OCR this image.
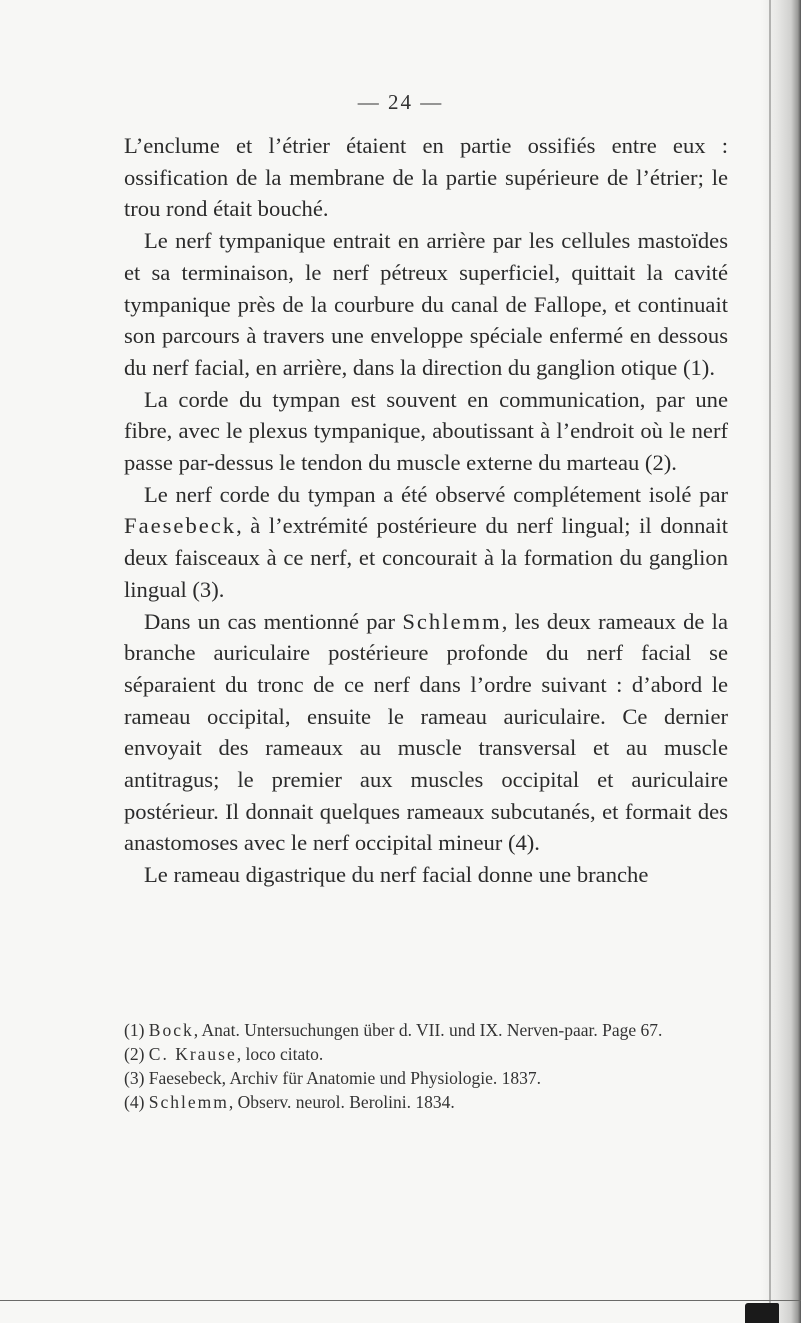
— 24 —

L’enclume et l’étrier étaient en partie ossifiés entre eux : ossification de la membrane de la partie supérieure de l’étrier; le trou rond était bouché.

Le nerf tympanique entrait en arrière par les cellules mastoïdes et sa terminaison, le nerf pétreux superficiel, quittait la cavité tympanique près de la courbure du canal de Fallope, et continuait son parcours à travers une enveloppe spéciale enfermé en dessous du nerf facial, en arrière, dans la direction du ganglion otique (1).

La corde du tympan est souvent en communication, par une fibre, avec le plexus tympanique, aboutissant à l’endroit où le nerf passe par-dessus le tendon du muscle externe du marteau (2).

Le nerf corde du tympan a été observé complétement isolé par Faesebeck, à l’extrémité postérieure du nerf lingual; il donnait deux faisceaux à ce nerf, et concourait à la formation du ganglion lingual (3).

Dans un cas mentionné par Schlemm, les deux rameaux de la branche auriculaire postérieure profonde du nerf facial se séparaient du tronc de ce nerf dans l’ordre suivant : d’abord le rameau occipital, ensuite le rameau auriculaire. Ce dernier envoyait des rameaux au muscle transversal et au muscle antitragus; le premier aux muscles occipital et auriculaire postérieur. Il donnait quelques rameaux subcutanés, et formait des anastomoses avec le nerf occipital mineur (4).

Le rameau digastrique du nerf facial donne une branche

(1) Bock, Anat. Untersuchungen über d. VII. und IX. Nerven-paar. Page 67.

(2) C. Krause, loco citato.

(3) Faesebeck, Archiv für Anatomie und Physiologie. 1837.

(4) Schlemm, Observ. neurol. Berolini. 1834.
